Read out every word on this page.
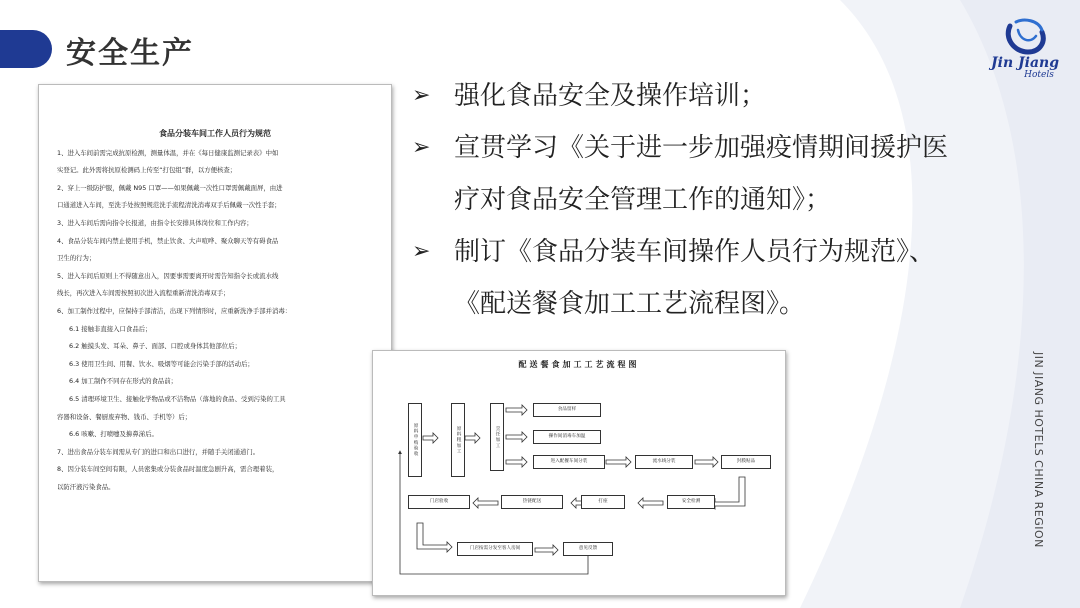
安全生产	Jin Jiang
Hotels
JIN JIANG HOTELS CHINA REGION
➢ 强化食品安全及操作培训；
➢ 宣贯学习《关于进一步加强疫情期间援护医
疗对食品安全管理工作的通知》；
➢ 制订《食品分装车间操作人员行为规范》、
《配送餐食加工工艺流程图》。
食品分装车间工作人员行为规范
1、进入车间前需完成抗原检测，测量体温，并在《每日健康监测记录表》中如
实登记。此外需将抗原检测码上传至“打包组”群，以方便核查；
2、穿上一级防护服，佩戴 N95 口罩——如果佩戴一次性口罩需佩戴面屏，由进
口通道进入车间，至洗手处按照规范洗手流程清洗消毒双手后佩戴一次性手套；
3、进入车间后需向指令长报道，由指令长安排具体岗位和工作内容；
4、食品分装车间内禁止使用手机，禁止饮食、大声喧哗、聚众聊天等有碍食品
卫生的行为；
5、进入车间后原则上不得随意出入，因要事需要离开时需告知指令长或流水线
线长，再次进入车间需按照初次进入流程重新清洗消毒双手；
6、加工制作过程中，应保持手部清洁，出现下列情形时，应重新洗净手部并消毒：
6.1 接触非直接入口食品后；
6.2 触摸头发、耳朵、鼻子、面部、口腔或身体其他部位后；
6.3 使用卫生间、用餐、饮水、吸烟等可能会污染手部的活动后；
6.4 加工制作不同存在形式的食品前；
6.5 清理环境卫生、接触化学物品或不洁物品（落地的食品、受到污染的工具
容器和设备、餐厨废弃物、钱币、手机等）后；
6.6 咳嗽、打喷嚏及擤鼻涕后。
7、进出食品分装车间需从专门的进口和出口进行，并随手关闭通道门。
8、因分装车间空间有限，人员密集或分装食品时温度急剧升高，需合理着装，
以防汗液污染食品。
配送餐食加工工艺流程图
原料申购验收	原料粗加工	烹饪加工
食品留样
操作间消毒车加温
进入配餐车间分装	流水线分装	封膜贴品
门店验收	热链配送	打座	安全检测
门店按需分发至客人房间	意见反馈
